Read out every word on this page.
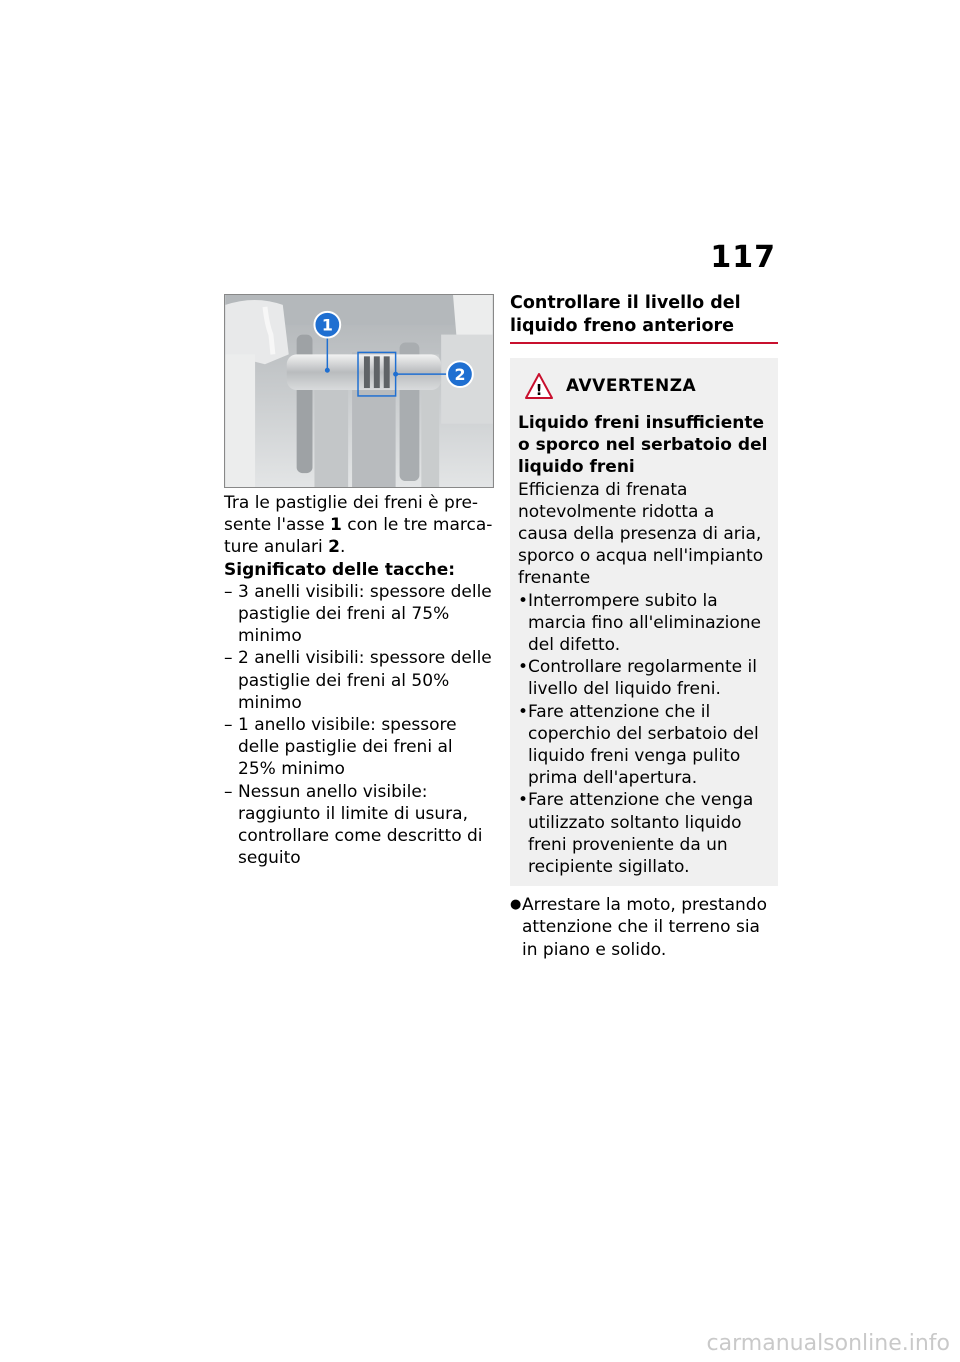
117
1
2

Tra le pastiglie dei freni è pre-sente l'asse 1 con le tre marca-ture anulari 2.

Significato delle tacche:
– 3 anelli visibili: spessore delle pastiglie dei freni al 75% minimo
– 2 anelli visibili: spessore delle pastiglie dei freni al 50% minimo
– 1 anello visibile: spessore delle pastiglie dei freni al 25% minimo
– Nessun anello visibile: raggiunto il limite di usura, controllare come descritto di seguito
Controllare il livello del liquido freno anteriore
! AVVERTENZA

Liquido freni insufficiente o sporco nel serbatoio del liquido freni

Efficienza di frenata notevolmente ridotta a causa della presenza di aria, sporco o acqua nell'impianto frenante

• Interrompere subito la marcia fino all'eliminazione del difetto.
• Controllare regolarmente il livello del liquido freni.
• Fare attenzione che il coperchio del serbatoio del liquido freni venga pulito prima dell'apertura.
• Fare attenzione che venga utilizzato soltanto liquido freni proveniente da un recipiente sigillato.
● Arrestare la moto, prestando attenzione che il terreno sia in piano e solido.
carmanualsonline.info
